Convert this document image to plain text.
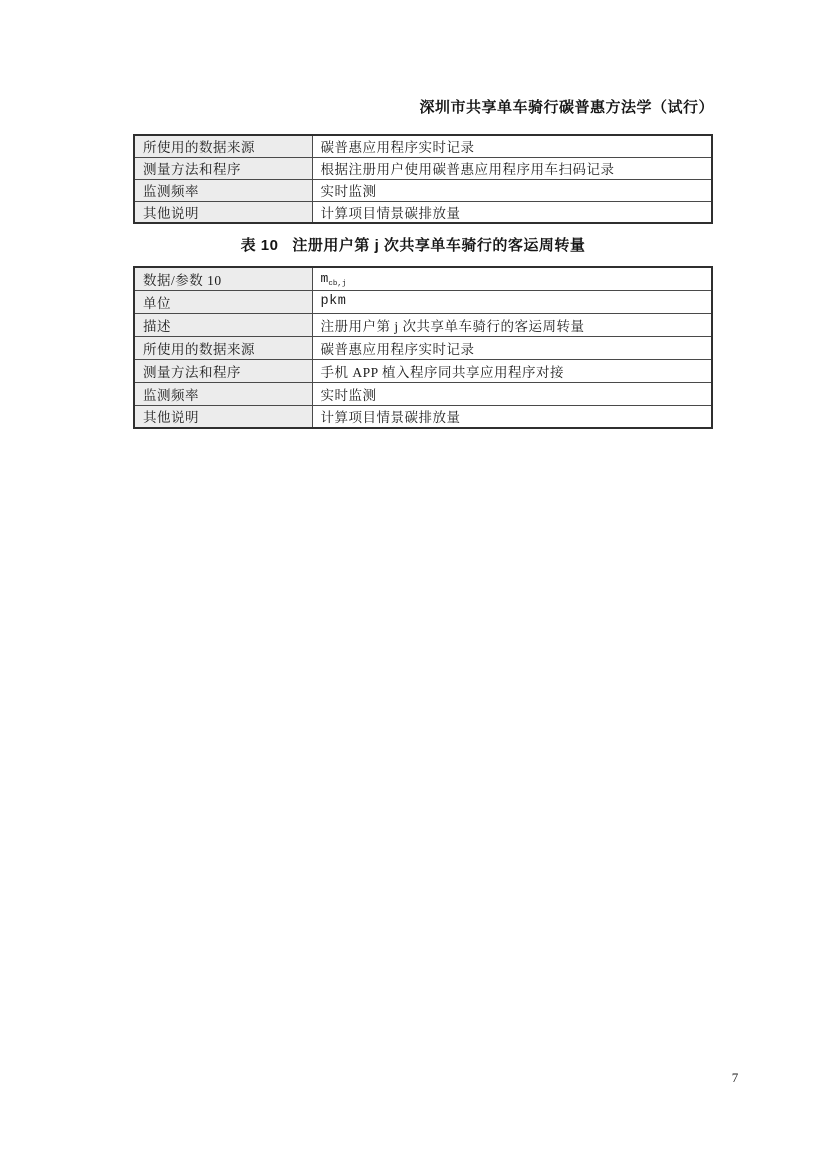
深圳市共享单车骑行碳普惠方法学（试行）
所使用的数据来源	碳普惠应用程序实时记录
测量方法和程序	根据注册用户使用碳普惠应用程序用车扫码记录
监测频率	实时监测
其他说明	计算项目情景碳排放量
表 10 注册用户第 j 次共享单车骑行的客运周转量
数据/参数 10	$m_{cb,j}$
单位	pkm
描述	注册用户第 j 次共享单车骑行的客运周转量
所使用的数据来源	碳普惠应用程序实时记录
测量方法和程序	手机 APP 植入程序同共享应用程序对接
监测频率	实时监测
其他说明	计算项目情景碳排放量
7
